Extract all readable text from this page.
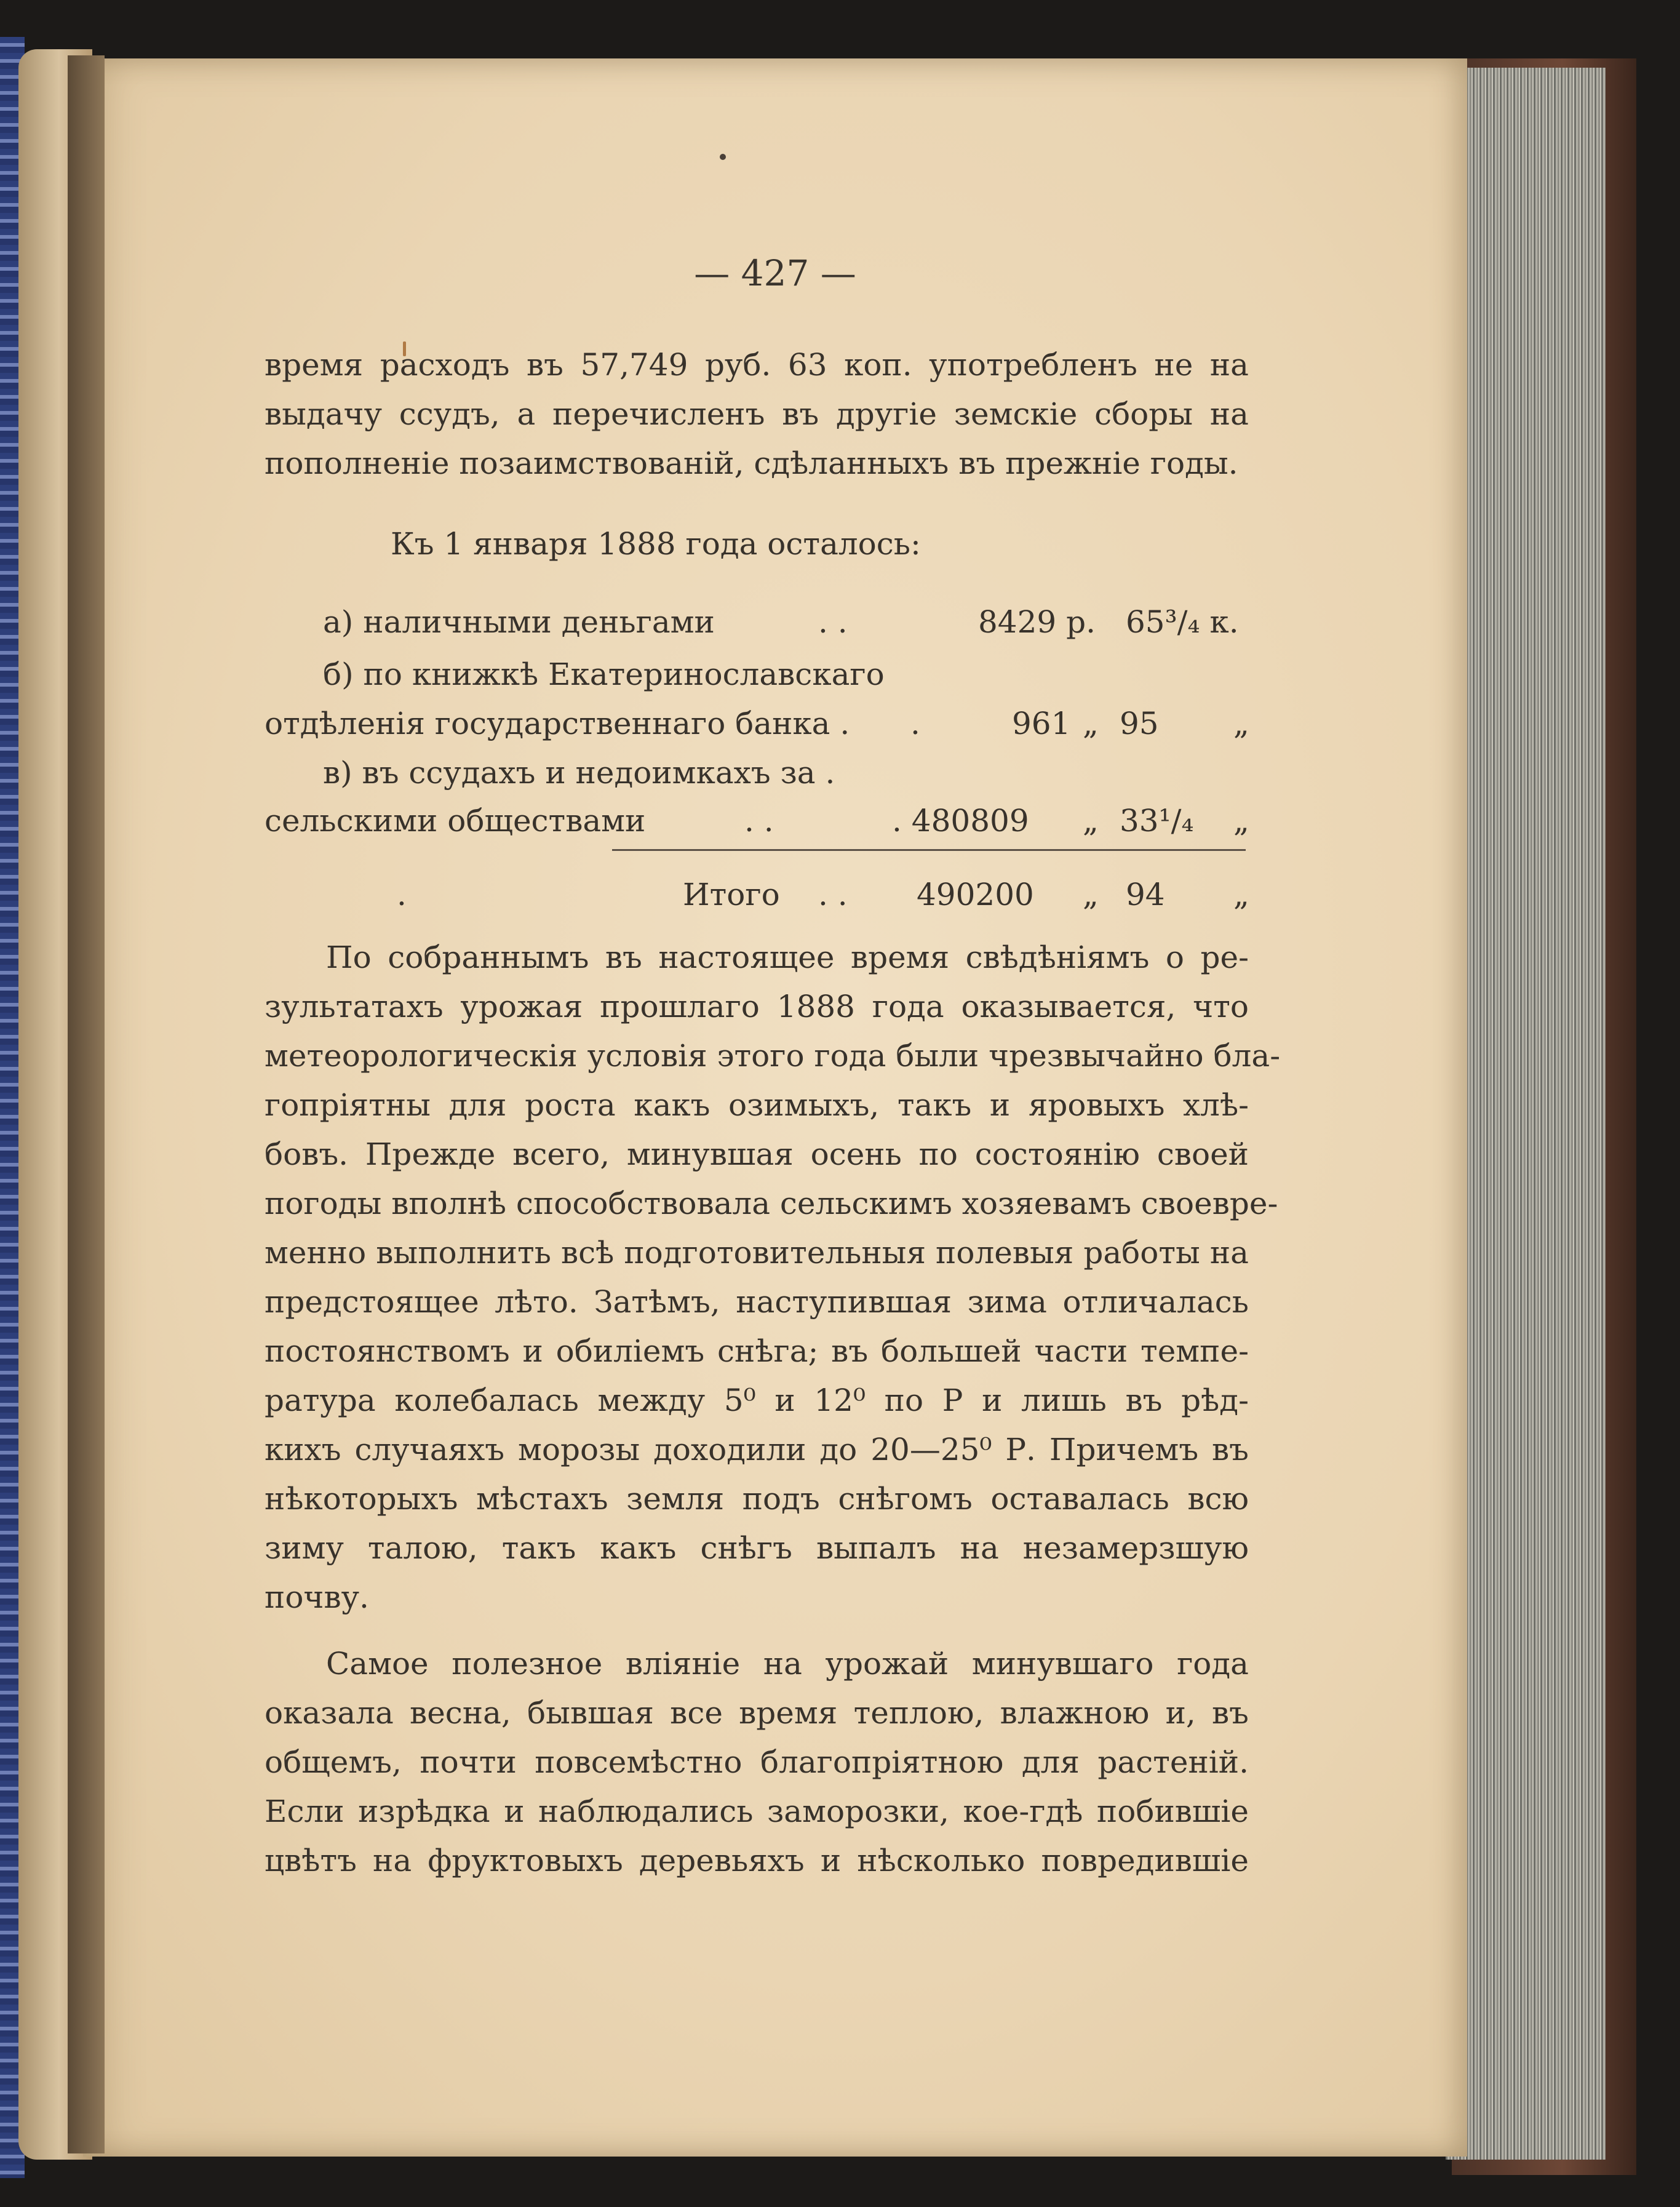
— 427 —
время расходъ въ 57,749 руб. 63 коп. употребленъ не на
выдачу ссудъ, а перечисленъ въ другіе земскіе сборы на
пополненіе позаимствованій, сдѣланныхъ въ прежніе годы.
Къ 1 января 1888 года осталось:
а) наличными деньгами	. .	8429 р. 65³/₄ к.
б) по книжкѣ Екатеринославскаго
отдѣленія государственнаго банка . .	961 „ 95 „
в) въ ссудахъ и недоимкахъ за .
сельскими обществами	. .	. 480809 „ 33¹/₄ „
.	Итого . . 490200 „ 94 „
По собраннымъ въ настоящее время свѣдѣніямъ о ре-
зультатахъ урожая прошлаго 1888 года оказывается, что
метеорологическія условія этого года были чрезвычайно бла-
гопріятны для роста какъ озимыхъ, такъ и яровыхъ хлѣ-
бовъ. Прежде всего, минувшая осень по состоянію своей
погоды вполнѣ способствовала сельскимъ хозяевамъ своевре-
менно выполнить всѣ подготовительныя полевыя работы на
предстоящее лѣто. Затѣмъ, наступившая зима отличалась
постоянствомъ и обиліемъ снѣга; въ большей части темпе-
ратура колебалась между 5⁰ и 12⁰ по Р и лишь въ рѣд-
кихъ случаяхъ морозы доходили до 20—25⁰ Р. Причемъ въ
нѣкоторыхъ мѣстахъ земля подъ снѣгомъ оставалась всю
зиму талою, такъ какъ снѣгъ выпалъ на незамерзшую
почву.
Самое полезное вліяніе на урожай минувшаго года
оказала весна, бывшая все время теплою, влажною и, въ
общемъ, почти повсемѣстно благопріятною для растеній.
Если изрѣдка и наблюдались заморозки, кое-гдѣ побившіе
цвѣтъ на фруктовыхъ деревьяхъ и нѣсколько повредившіе
